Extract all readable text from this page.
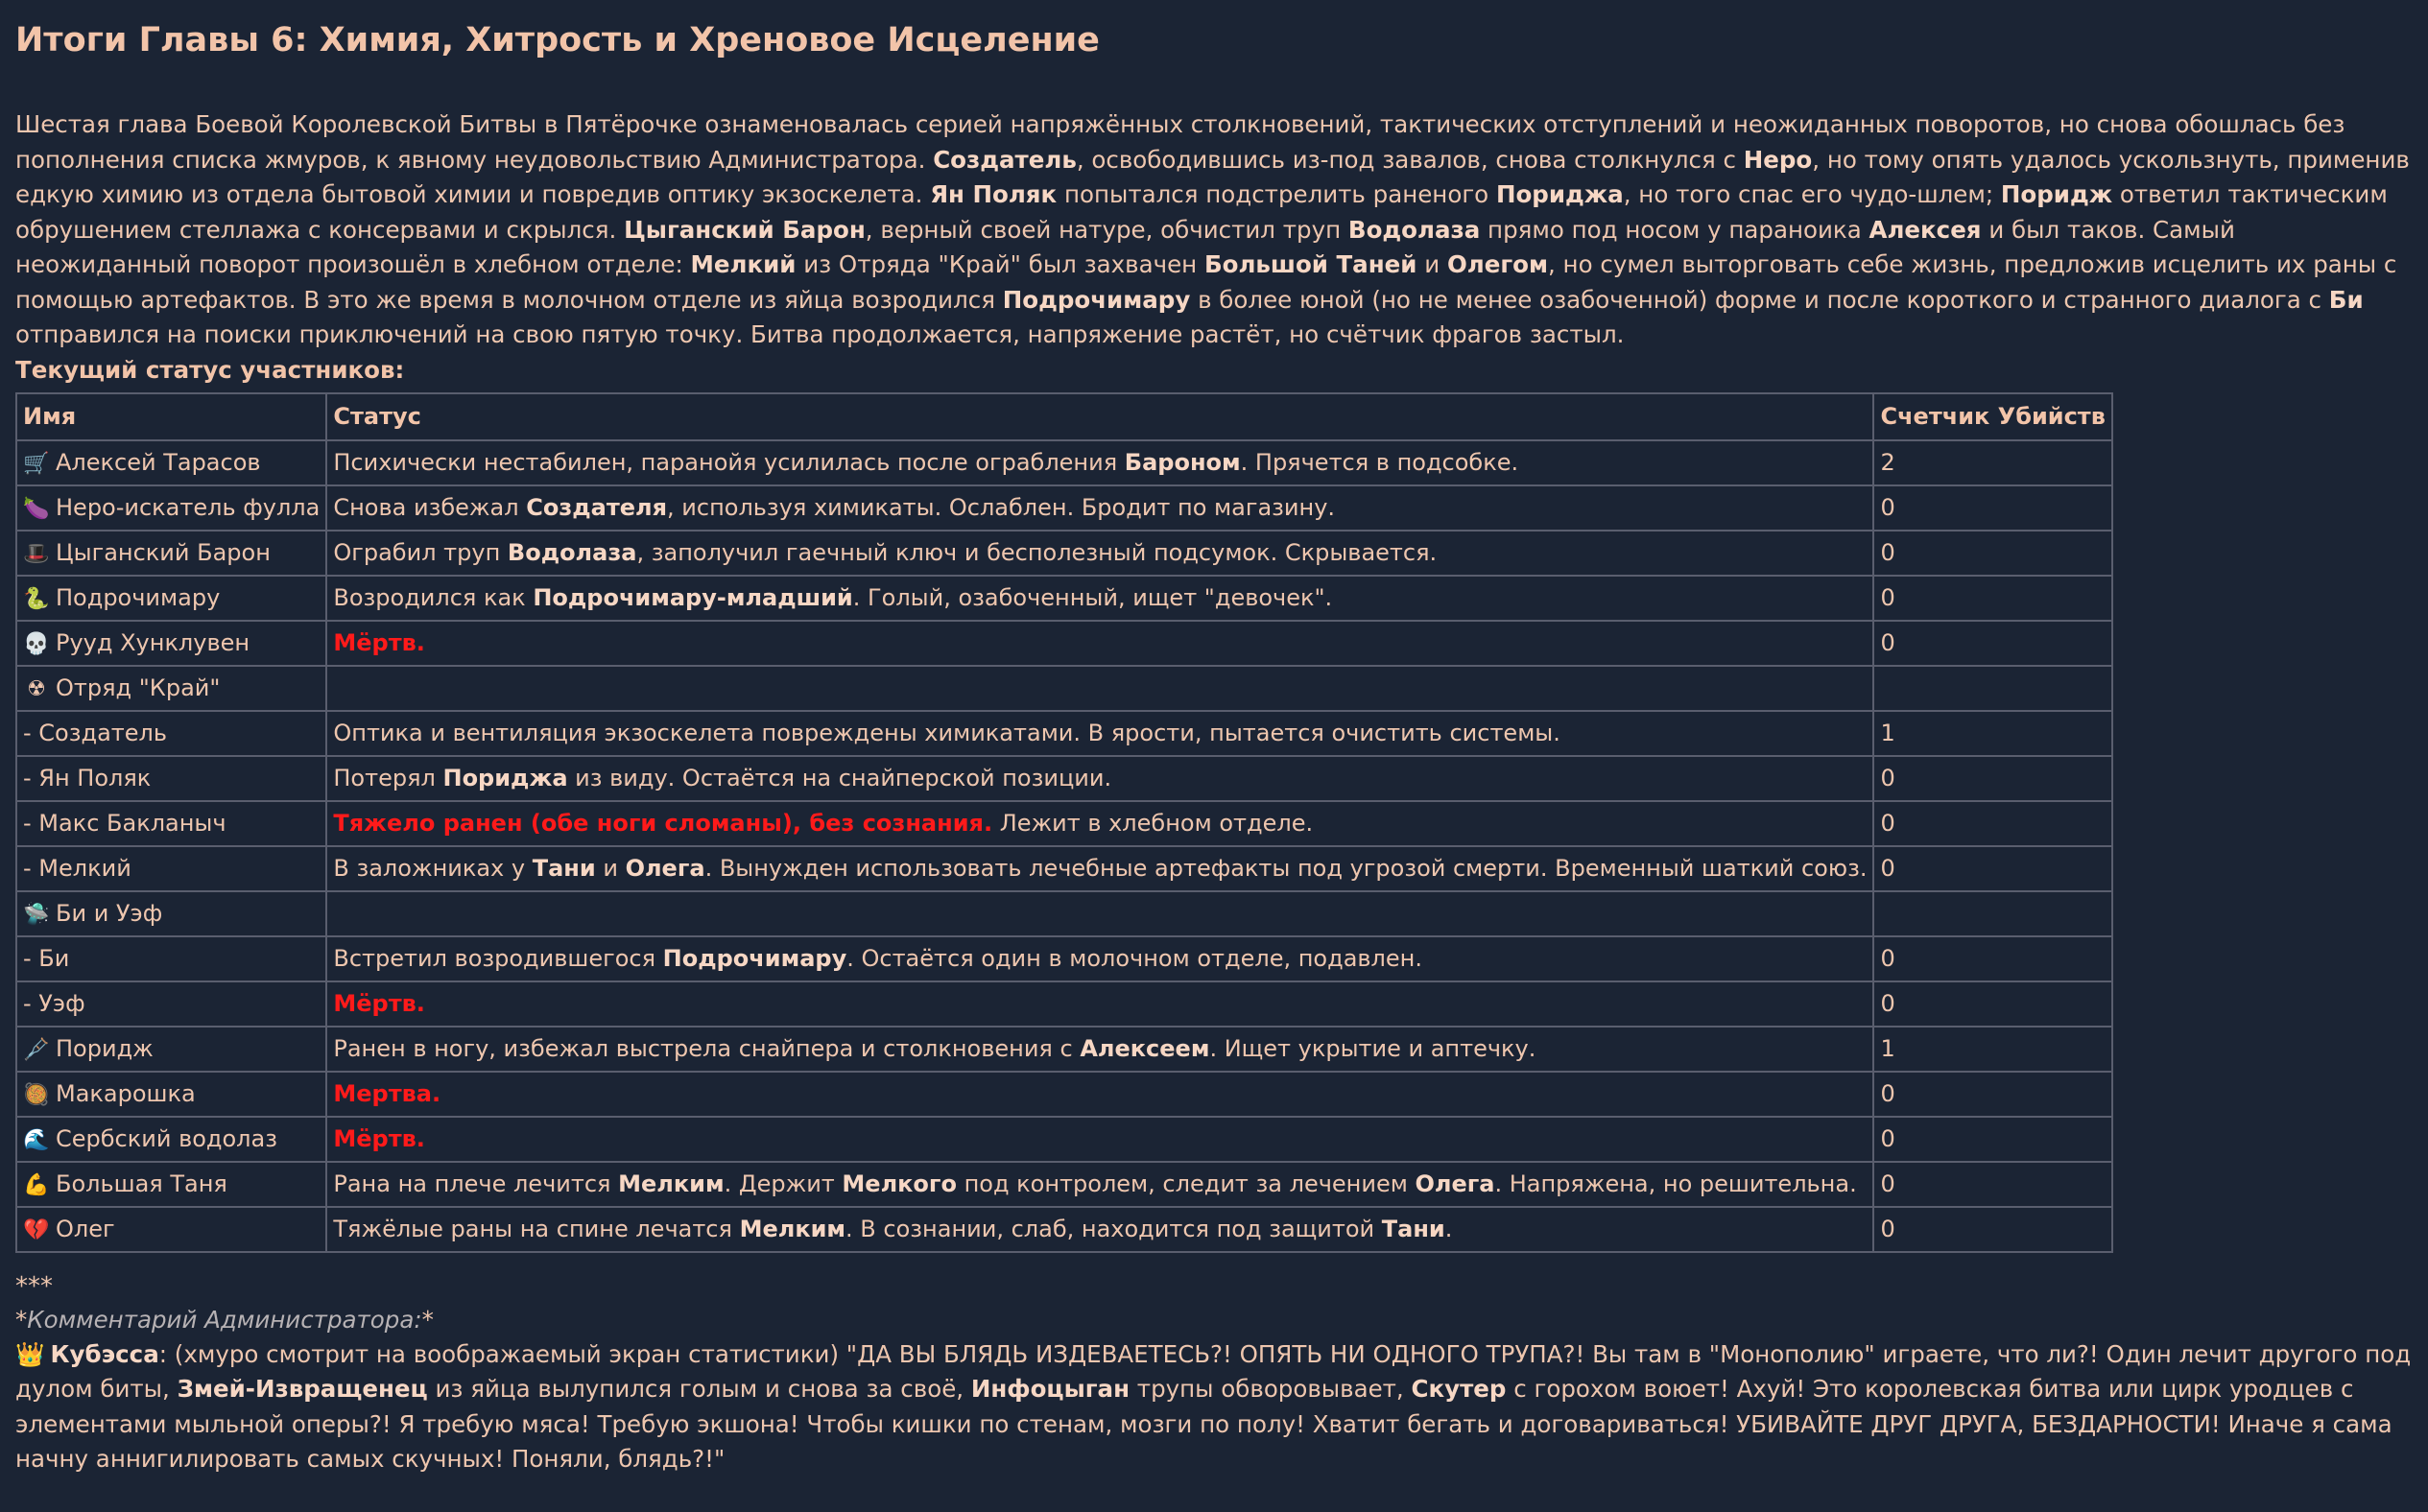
Итоги Главы 6: Химия, Хитрость и Хреновое Исцеление

Шестая глава Боевой Королевской Битвы в Пятёрочке ознаменовалась серией напряжённых столкновений, тактических отступлений и неожиданных поворотов, но снова обошлась без пополнения списка жмуров, к явному неудовольствию Администратора. Создатель, освободившись из-под завалов, снова столкнулся с Неро, но тому опять удалось ускользнуть, применив едкую химию из отдела бытовой химии и повредив оптику экзоскелета. Ян Поляк попытался подстрелить раненого Пориджа, но того спас его чудо-шлем; Поридж ответил тактическим обрушением стеллажа с консервами и скрылся. Цыганский Барон, верный своей натуре, обчистил труп Водолаза прямо под носом у параноика Алексея и был таков. Самый неожиданный поворот произошёл в хлебном отделе: Мелкий из Отряда "Край" был захвачен Большой Таней и Олегом, но сумел выторговать себе жизнь, предложив исцелить их раны с помощью артефактов. В это же время в молочном отделе из яйца возродился Подрочимару в более юной (но не менее озабоченной) форме и после короткого и странного диалога с Би отправился на поиски приключений на свою пятую точку. Битва продолжается, напряжение растёт, но счётчик фрагов застыл.

Текущий статус участников:
Имя	Статус	Счетчик Убийств
🛒 Алексей Тарасов	Психически нестабилен, паранойя усилилась после ограбления Бароном. Прячется в подсобке.	2
🍆 Неро-искатель фулла	Снова избежал Создателя, используя химикаты. Ослаблен. Бродит по магазину.	0
🎩 Цыганский Барон	Ограбил труп Водолаза, заполучил гаечный ключ и бесполезный подсумок. Скрывается.	0
🐍 Подрочимару	Возродился как Подрочимару-младший. Голый, озабоченный, ищет "девочек".	0
💀 Рууд Хунклувен	Мёртв.	0
☢ Отряд "Край"		
- Создатель	Оптика и вентиляция экзоскелета повреждены химикатами. В ярости, пытается очистить системы.	1
- Ян Поляк	Потерял Пориджа из виду. Остаётся на снайперской позиции.	0
- Макс Бакланыч	Тяжело ранен (обе ноги сломаны), без сознания. Лежит в хлебном отделе.	0
- Мелкий	В заложниках у Тани и Олега. Вынужден использовать лечебные артефакты под угрозой смерти. Временный шаткий союз.	0
🛸 Би и Уэф		
- Би	Встретил возродившегося Подрочимару. Остаётся один в молочном отделе, подавлен.	0
- Уэф	Мёртв.	0
🩼 Поридж	Ранен в ногу, избежал выстрела снайпера и столкновения с Алексеем. Ищет укрытие и аптечку.	1
🥘 Макарошка	Мертва.	0
🌊 Сербский водолаз	Мёртв.	0
💪 Большая Таня	Рана на плече лечится Мелким. Держит Мелкого под контролем, следит за лечением Олега. Напряжена, но решительна.	0
💔 Олег	Тяжёлые раны на спине лечатся Мелким. В сознании, слаб, находится под защитой Тани.	0
***

*Комментарий Администратора:*

👑 Кубэсса: (хмуро смотрит на воображаемый экран статистики) "ДА ВЫ БЛЯДЬ ИЗДЕВАЕТЕСЬ?! ОПЯТЬ НИ ОДНОГО ТРУПА?! Вы там в "Монополию" играете, что ли?! Один лечит другого под дулом биты, Змей-Извращенец из яйца вылупился голым и снова за своё, Инфоцыган трупы обворовывает, Скутер с горохом воюет! Ахуй! Это королевская битва или цирк уродцев с элементами мыльной оперы?! Я требую мяса! Требую экшона! Чтобы кишки по стенам, мозги по полу! Хватит бегать и договариваться! УБИВАЙТЕ ДРУГ ДРУГА, БЕЗДАРНОСТИ! Иначе я сама начну аннигилировать самых скучных! Поняли, блядь?!"
